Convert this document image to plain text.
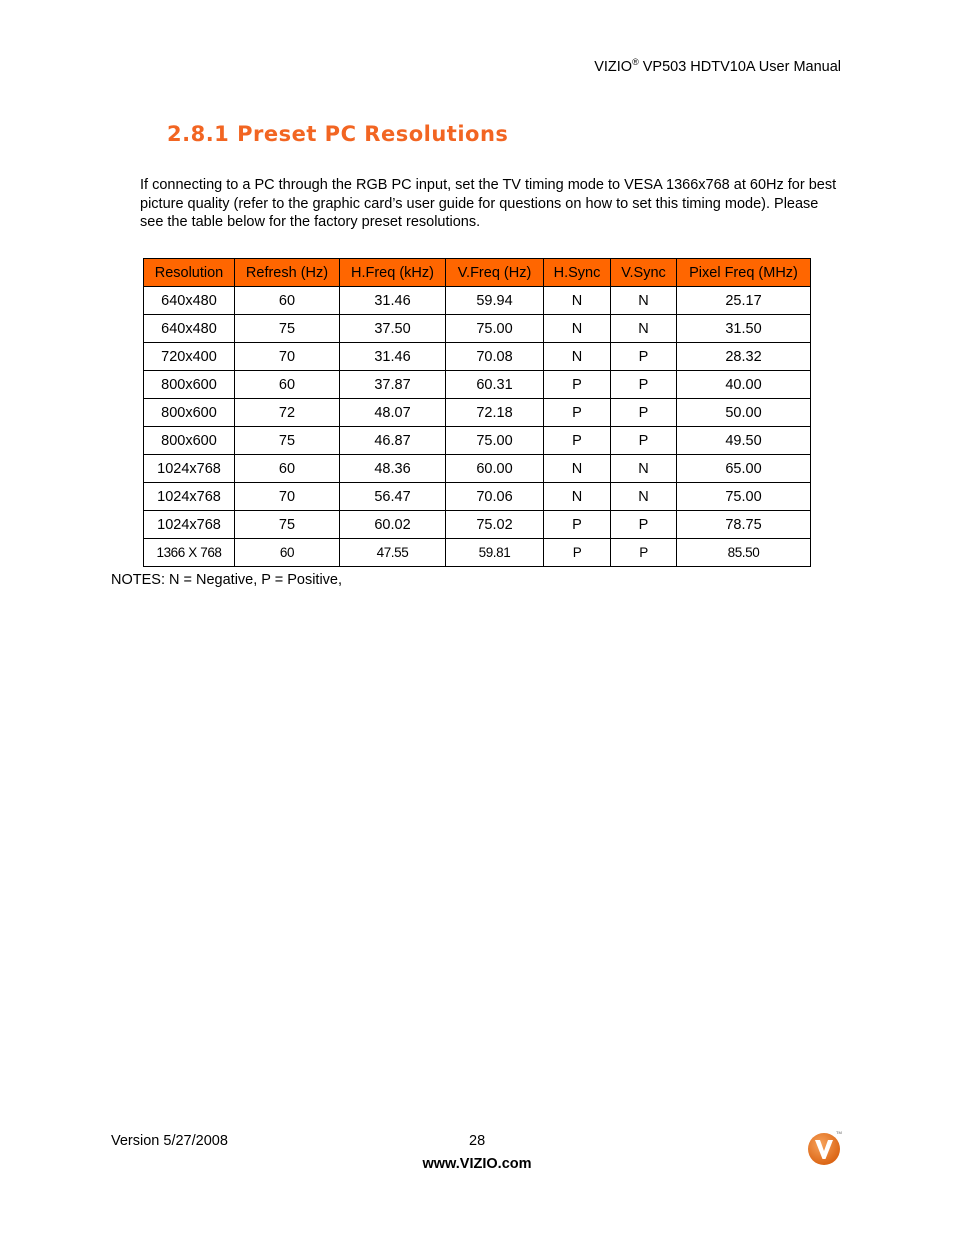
VIZIO® VP503 HDTV10A User Manual
2.8.1 Preset PC Resolutions

If connecting to a PC through the RGB PC input, set the TV timing mode to VESA 1366x768 at 60Hz for best picture quality (refer to the graphic card’s user guide for questions on how to set this timing mode). Please see the table below for the factory preset resolutions.

Resolution	Refresh (Hz)	H.Freq (kHz)	V.Freq (Hz)	H.Sync	V.Sync	Pixel Freq (MHz)
640x480	60	31.46	59.94	N	N	25.17
640x480	75	37.50	75.00	N	N	31.50
720x400	70	31.46	70.08	N	P	28.32
800x600	60	37.87	60.31	P	P	40.00
800x600	72	48.07	72.18	P	P	50.00
800x600	75	46.87	75.00	P	P	49.50
1024x768	60	48.36	60.00	N	N	65.00
1024x768	70	56.47	70.06	N	N	75.00
1024x768	75	60.02	75.02	P	P	78.75
1366 X 768	60	47.55	59.81	P	P	85.50
NOTES: N = Negative, P = Positive,
Version 5/27/2008	28
www.VIZIO.com
TM
